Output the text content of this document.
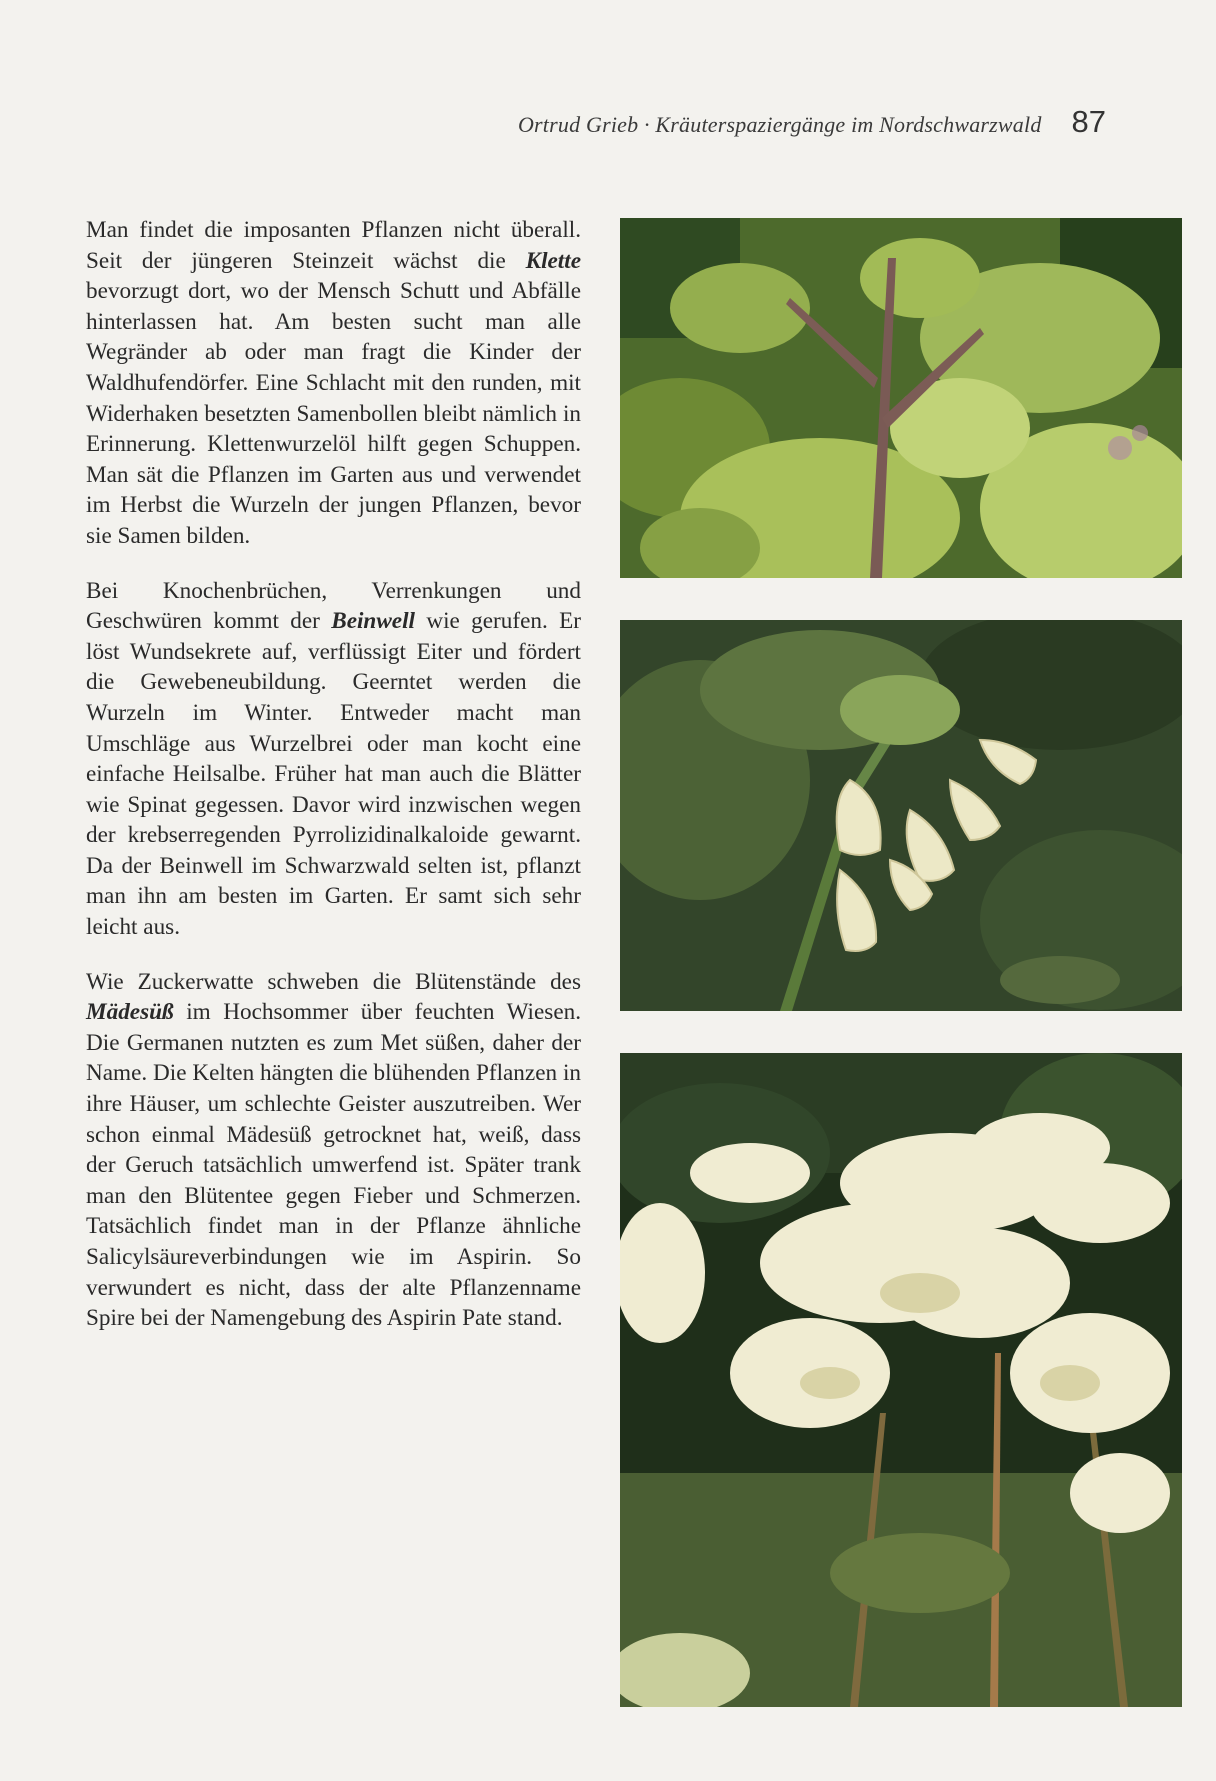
Ortrud Grieb · Kräuterspaziergänge im Nordschwarzwald 87

Man findet die imposanten Pflanzen nicht überall. Seit der jüngeren Steinzeit wächst die Klette bevorzugt dort, wo der Mensch Schutt und Abfälle hinterlassen hat. Am besten sucht man alle Wegränder ab oder man fragt die Kinder der Waldhufendörfer. Eine Schlacht mit den runden, mit Widerhaken besetzten Samenbollen bleibt nämlich in Erinnerung. Klettenwurzelöl hilft gegen Schuppen. Man sät die Pflanzen im Garten aus und verwendet im Herbst die Wurzeln der jungen Pflanzen, bevor sie Samen bilden.

Bei Knochenbrüchen, Verrenkungen und Geschwüren kommt der Beinwell wie gerufen. Er löst Wundsekrete auf, verflüssigt Eiter und fördert die Gewebeneubildung. Geerntet werden die Wurzeln im Winter. Entweder macht man Umschläge aus Wurzelbrei oder man kocht eine einfache Heilsalbe. Früher hat man auch die Blätter wie Spinat gegessen. Davor wird inzwischen wegen der krebserregenden Pyrrolizidinalkaloide gewarnt. Da der Beinwell im Schwarzwald selten ist, pflanzt man ihn am besten im Garten. Er samt sich sehr leicht aus.

Wie Zuckerwatte schweben die Blütenstände des Mädesüß im Hochsommer über feuchten Wiesen. Die Germanen nutzten es zum Met süßen, daher der Name. Die Kelten hängten die blühenden Pflanzen in ihre Häuser, um schlechte Geister auszutreiben. Wer schon einmal Mädesüß getrocknet hat, weiß, dass der Geruch tatsächlich umwerfend ist. Später trank man den Blütentee gegen Fieber und Schmerzen. Tatsächlich findet man in der Pflanze ähnliche Salicylsäureverbindungen wie im Aspirin. So verwundert es nicht, dass der alte Pflanzenname Spire bei der Namengebung des Aspirin Pate stand.
